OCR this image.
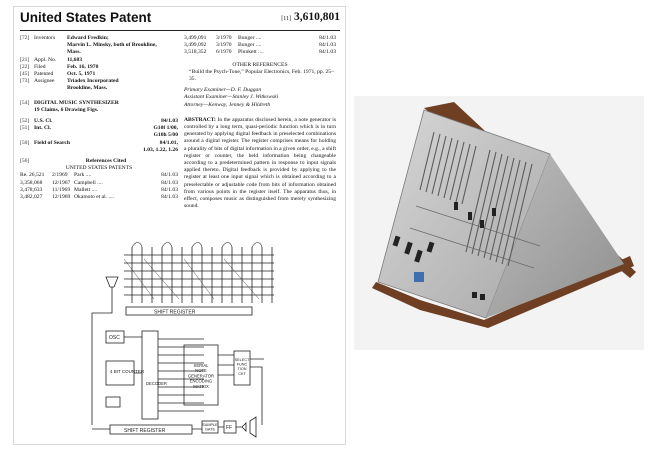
United States Patent	[11] 3,610,801
[72] Inventors	Edward Fredkin;
Marvin L. Minsky, both of Brookline,
Mass.
[21] Appl. No.	11,683
[22] Filed	Feb. 16, 1970
[45] Patented	Oct. 5, 1971
[73] Assignee	Triadex Incorporated
Brookline, Mass.
[54] DIGITAL MUSIC SYNTHESIZER
19 Claims, 6 Drawing Figs.
[52] U.S. Cl.	84/1.03
[51] Int. Cl.	G10f 1/00,
G10h 5/00
[50] Field of Search	84/1.01,
1.03, 1.22, 1.26
[56]	References Cited
UNITED STATES PATENTS
Re. 26,521	2/1969	Park ....	84/1.03
3,358,068	12/1967 Campbell ....	84/1.03
3,478,633	11/1969 Mallett ....	84/1.03
3,482,027	12/1969 Okamoto et al. ....	84/1.03
3,499,091	3/1970	Bunger ....	84/1.03
3,499,092	3/1970	Bunger ....	84/1.03
3,518,352	6/1970	Plunkett ....	84/1.03
OTHER REFERENCES
“Build the Psych-Tone,” Popular Electronics, Feb. 1971, pp. 25–35.
Primary Examiner—D. F. Duggan
Assistant Examiner—Stanley J. Witkowski
Attorney—Kenway, Jenney & Hildreth
ABSTRACT: In the apparatus disclosed herein, a note generator is controlled by a long term, quasi-periodic function which is in turn generated by applying digital feedback in preselected combinations around a digital register. The register comprises means for holding a plurality of bits of digital information in a given order, e.g., a shift register or counter, the held information being changeable according to a predetermined pattern in response to input signals applied thereto. Digital feedback is provided by applying to the register at least one input signal which is obtained according to a preselectable or adjustable code from bits of information obtained from various points in the register itself. The apparatus thus, in effect, composes music as distinguished from merely synthesizing sound.
SHIFT REGISTER
OSC
4 BIT COUNTER
DECODER
SERIAL NOTE GENERATOR ENCODING MATRIX
SELECT FUNC TION CKT
SHIFT REGISTER
SAMPLE GATE	FF
